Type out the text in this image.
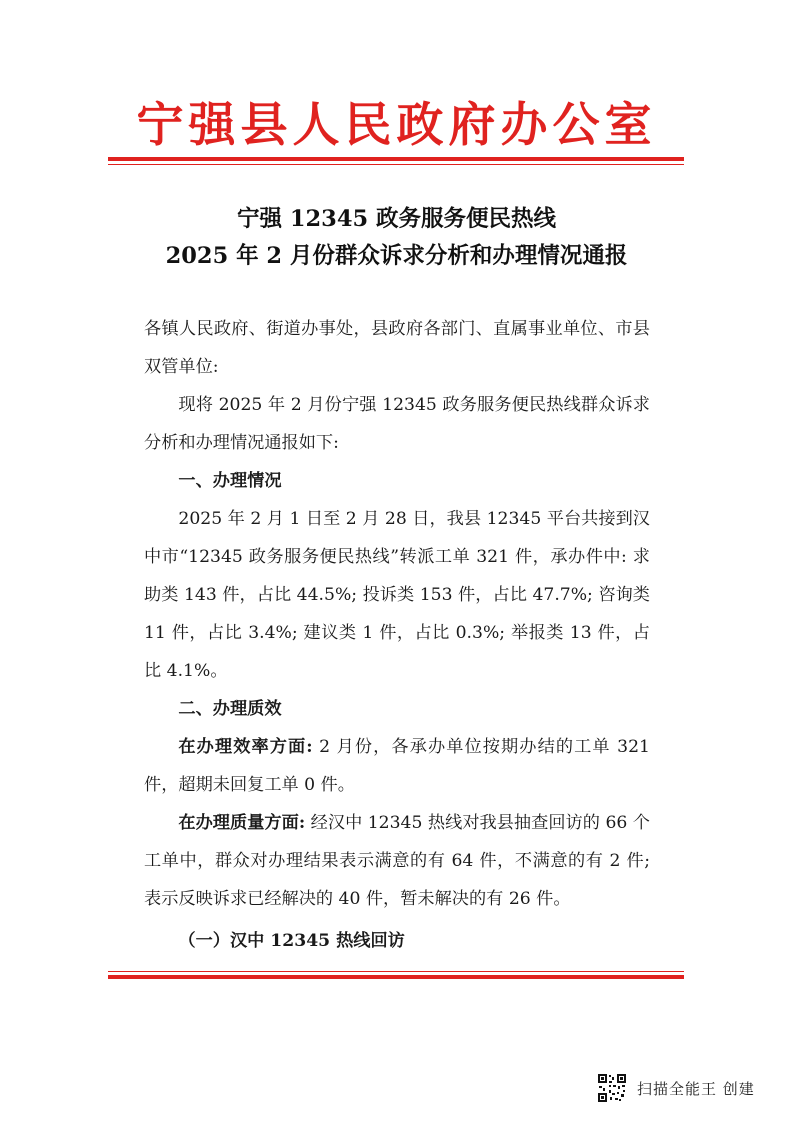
宁强县人民政府办公室
宁强 12345 政务服务便民热线
2025 年 2 月份群众诉求分析和办理情况通报

各镇人民政府、街道办事处，县政府各部门、直属事业单位、市县双管单位:

现将 2025 年 2 月份宁强 12345 政务服务便民热线群众诉求分析和办理情况通报如下:

一、办理情况

2025 年 2 月 1 日至 2 月 28 日，我县 12345 平台共接到汉中市“12345 政务服务便民热线”转派工单 321 件，承办件中: 求助类 143 件，占比 44.5%; 投诉类 153 件，占比 47.7%; 咨询类 11 件，占比 3.4%; 建议类 1 件，占比 0.3%; 举报类 13 件，占比 4.1%。

二、办理质效

在办理效率方面: 2 月份，各承办单位按期办结的工单 321 件，超期未回复工单 0 件。

在办理质量方面: 经汉中 12345 热线对我县抽查回访的 66 个工单中，群众对办理结果表示满意的有 64 件，不满意的有 2 件; 表示反映诉求已经解决的 40 件，暂未解决的有 26 件。

（一）汉中 12345 热线回访

扫描全能王 创建
